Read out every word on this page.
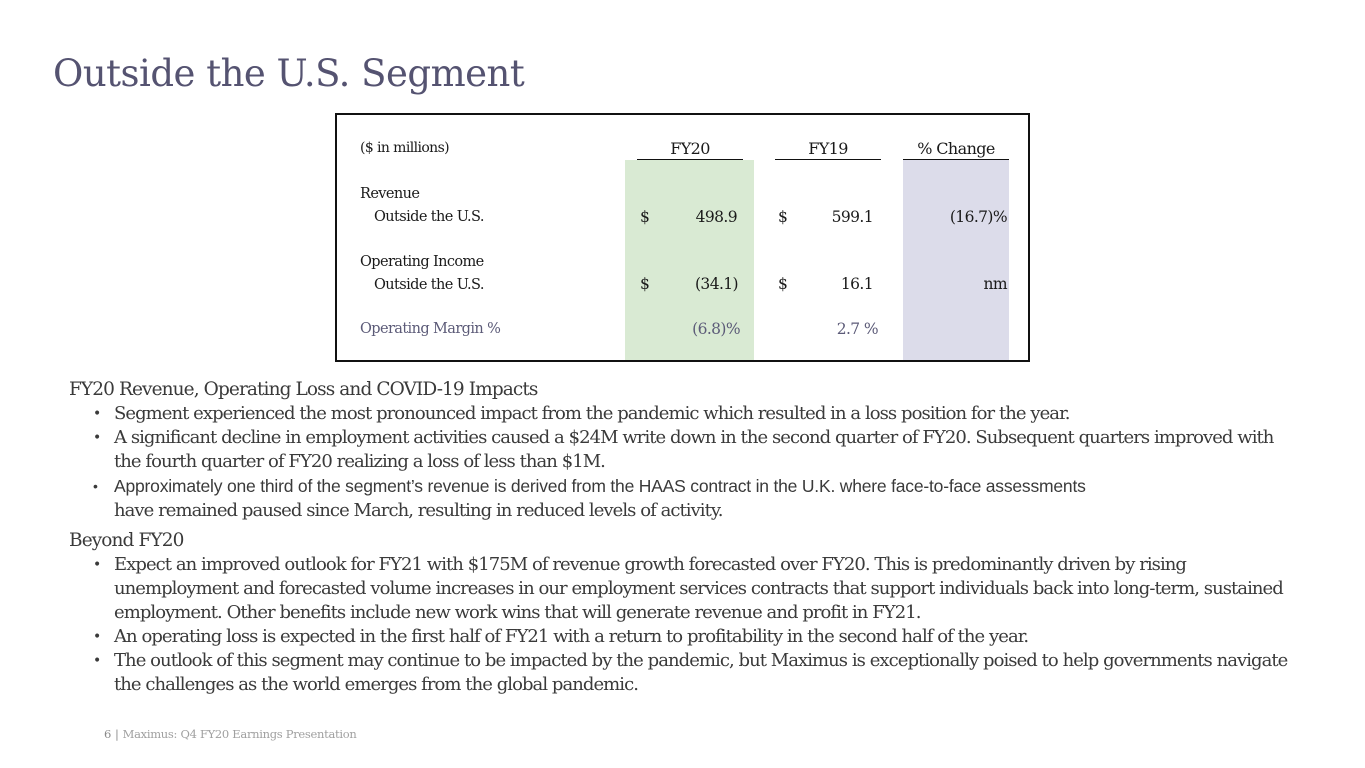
Outside the U.S. Segment
($ in millions)	FY20	FY19	% Change
Revenue
Outside the U.S.	$	498.9	$	599.1	(16.7)%
Operating Income
Outside the U.S.	$	(34.1)	$	16.1	nm
Operating Margin %	(6.8)%	2.7 %
FY20 Revenue, Operating Loss and COVID-19 Impacts
• Segment experienced the most pronounced impact from the pandemic which resulted in a loss position for the year.
• A significant decline in employment activities caused a $24M write down in the second quarter of FY20. Subsequent quarters improved with the fourth quarter of FY20 realizing a loss of less than $1M.
• Approximately one third of the segment’s revenue is derived from the HAAS contract in the U.K. where face-to-face assessments
have remained paused since March, resulting in reduced levels of activity.
Beyond FY20
• Expect an improved outlook for FY21 with $175M of revenue growth forecasted over FY20. This is predominantly driven by rising unemployment and forecasted volume increases in our employment services contracts that support individuals back into long-term, sustained employment. Other benefits include new work wins that will generate revenue and profit in FY21.
• An operating loss is expected in the first half of FY21 with a return to profitability in the second half of the year.
• The outlook of this segment may continue to be impacted by the pandemic, but Maximus is exceptionally poised to help governments navigate the challenges as the world emerges from the global pandemic.
6 | Maximus: Q4 FY20 Earnings Presentation
